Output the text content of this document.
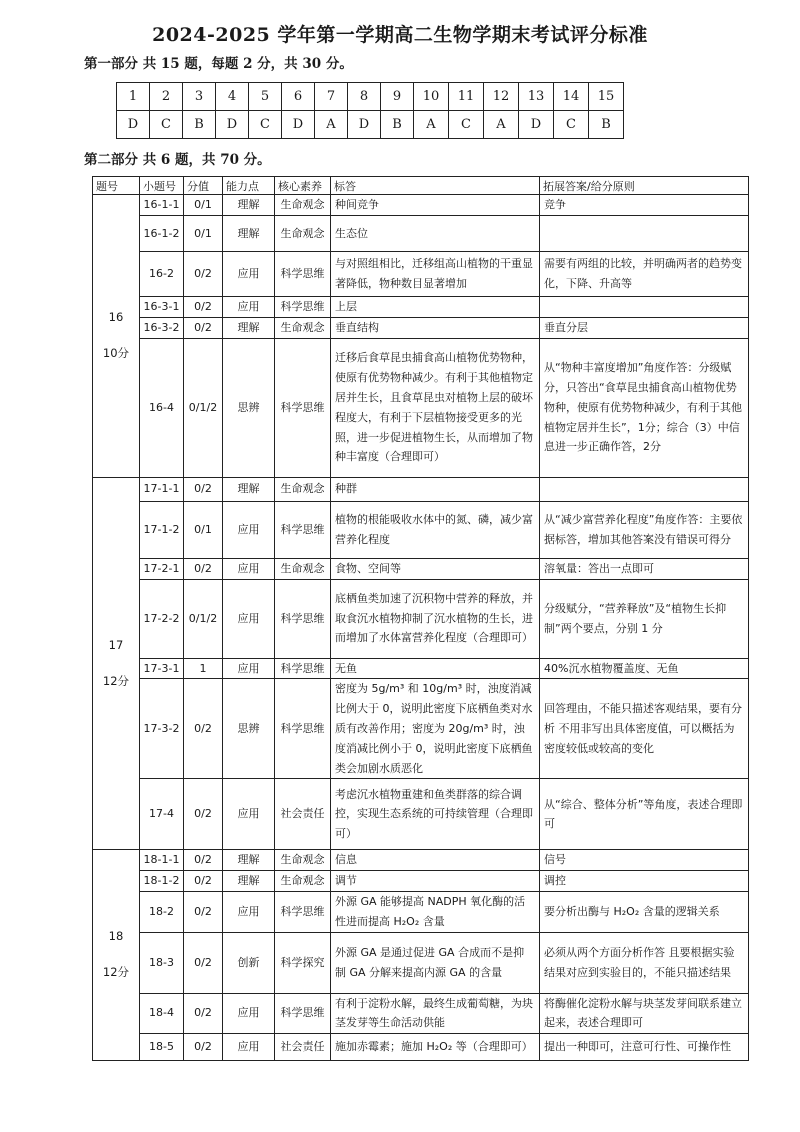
2024-2025 学年第一学期高二生物学期末考试评分标准

第一部分 共 15 题，每题 2 分，共 30 分。

1	2	3	4	5	6	7	8	9	10	11	12	13	14	15
D	C	B	D	C	D	A	D	B	A	C	A	D	C	B

第二部分 共 6 题，共 70 分。

题号	小题号	分值	能力点	核心素养	标答	拓展答案/给分原则

16
10分	16-1-1	0/1	理解	生命观念	种间竞争	竞争
	16-1-2	0/1	理解	生命观念	生态位	
	16-2	0/2	应用	科学思维	与对照组相比，迁移组高山植物的干重显著降低，物种数目显著增加	需要有两组的比较，并明确两者的趋势变化，下降、升高等
	16-3-1	0/2	应用	科学思维	上层	
	16-3-2	0/2	理解	生命观念	垂直结构	垂直分层
	16-4	0/1/2	思辨	科学思维	迁移后食草昆虫捕食高山植物优势物种，使原有优势物种减少。有利于其他植物定居并生长，且食草昆虫对植物上层的破坏程度大，有利于下层植物接受更多的光照，进一步促进植物生长，从而增加了物种丰富度（合理即可）	从“物种丰富度增加”角度作答：分级赋分，只答出“食草昆虫捕食高山植物优势物种，使原有优势物种减少，有利于其他植物定居并生长”，1分；综合（3）中信息进一步正确作答，2分

17
12分	17-1-1	0/2	理解	生命观念	种群	
	17-1-2	0/1	应用	科学思维	植物的根能吸收水体中的氮、磷，减少富营养化程度	从“减少富营养化程度”角度作答：主要依据标答，增加其他答案没有错误可得分
	17-2-1	0/2	应用	生命观念	食物、空间等	溶氧量：答出一点即可
	17-2-2	0/1/2	应用	科学思维	底栖鱼类加速了沉积物中营养的释放，并取食沉水植物抑制了沉水植物的生长，进而增加了水体富营养化程度（合理即可）	分级赋分，“营养释放”及“植物生长抑制”两个要点，分别 1 分
	17-3-1	1	应用	科学思维	无鱼	40%沉水植物覆盖度、无鱼
	17-3-2	0/2	思辨	科学思维	密度为 5g/m³ 和 10g/m³ 时，浊度消减比例大于 0，说明此密度下底栖鱼类对水质有改善作用；密度为 20g/m³ 时，浊度消减比例小于 0，说明此密度下底栖鱼类会加剧水质恶化	回答理由，不能只描述客观结果，要有分析 不用非写出具体密度值，可以概括为密度较低或较高的变化
	17-4	0/2	应用	社会责任	考虑沉水植物重建和鱼类群落的综合调控，实现生态系统的可持续管理（合理即可）	从“综合、整体分析”等角度，表述合理即可

18
12分	18-1-1	0/2	理解	生命观念	信息	信号
	18-1-2	0/2	理解	生命观念	调节	调控
	18-2	0/2	应用	科学思维	外源 GA 能够提高 NADPH 氧化酶的活性进而提高 H₂O₂ 含量	要分析出酶与 H₂O₂ 含量的逻辑关系
	18-3	0/2	创新	科学探究	外源 GA 是通过促进 GA 合成而不是抑制 GA 分解来提高内源 GA 的含量	必须从两个方面分析作答 且要根据实验结果对应到实验目的，不能只描述结果
	18-4	0/2	应用	科学思维	有利于淀粉水解，最终生成葡萄糖，为块茎发芽等生命活动供能	将酶催化淀粉水解与块茎发芽间联系建立起来，表述合理即可
	18-5	0/2	应用	社会责任	施加赤霉素；施加 H₂O₂ 等（合理即可）	提出一种即可，注意可行性、可操作性
